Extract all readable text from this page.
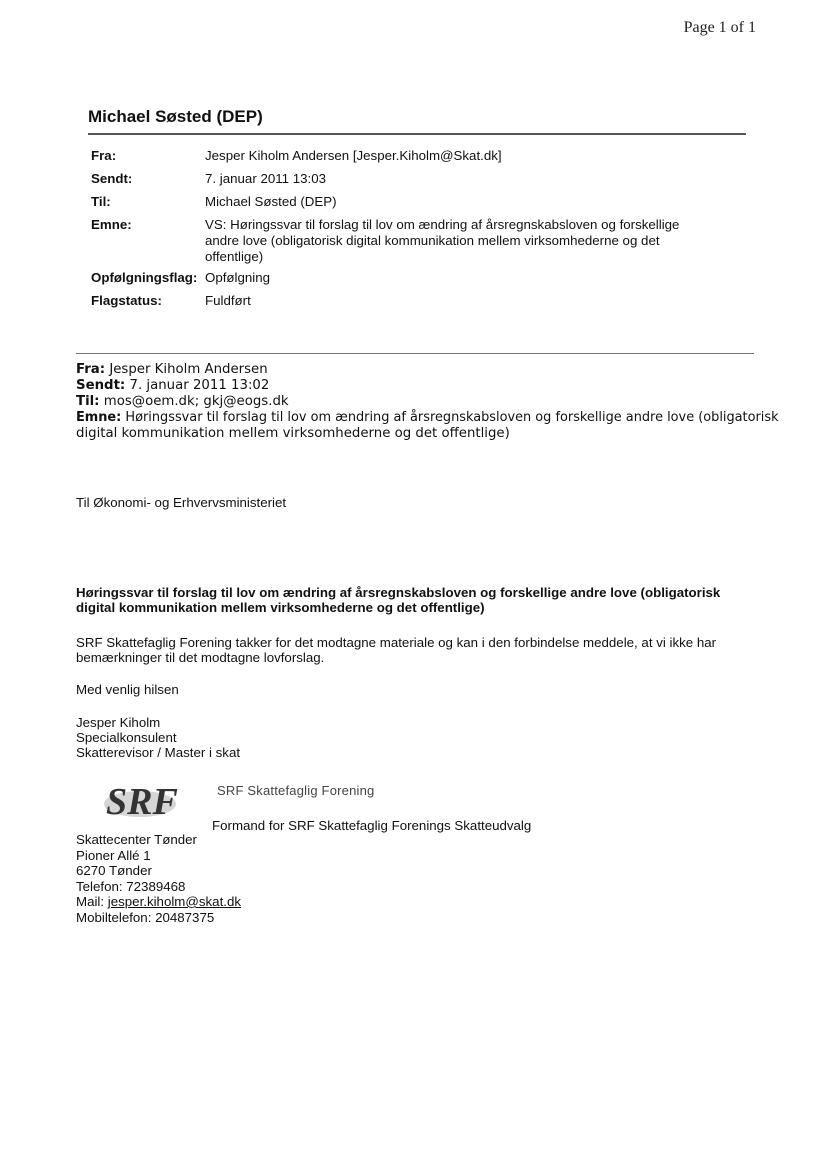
Page 1 of 1
Michael Søsted (DEP)
Fra:	Jesper Kiholm Andersen [Jesper.Kiholm@Skat.dk]
Sendt:	7. januar 2011 13:03
Til:	Michael Søsted (DEP)
Emne:	VS: Høringssvar til forslag til lov om ændring af årsregnskabsloven og forskellige
andre love (obligatorisk digital kommunikation mellem virksomhederne og det
offentlige)
Opfølgningsflag: Opfølgning
Flagstatus:	Fuldført
Fra: Jesper Kiholm Andersen
Sendt: 7. januar 2011 13:02
Til: mos@oem.dk; gkj@eogs.dk
Emne: Høringssvar til forslag til lov om ændring af årsregnskabsloven og forskellige andre love (obligatorisk
digital kommunikation mellem virksomhederne og det offentlige)
Til Økonomi- og Erhvervsministeriet
Høringssvar til forslag til lov om ændring af årsregnskabsloven og forskellige andre love (obligatorisk
digital kommunikation mellem virksomhederne og det offentlige)
SRF Skattefaglig Forening takker for det modtagne materiale og kan i den forbindelse meddele, at vi ikke har
bemærkninger til det modtagne lovforslag.
Med venlig hilsen
Jesper Kiholm
Specialkonsulent
Skatterevisor / Master i skat
SRF	SRF Skattefaglig Forening
Formand for SRF Skattefaglig Forenings Skatteudvalg
Skattecenter Tønder
Pioner Allé 1
6270 Tønder
Telefon: 72389468
Mail: jesper.kiholm@skat.dk
Mobiltelefon: 20487375
